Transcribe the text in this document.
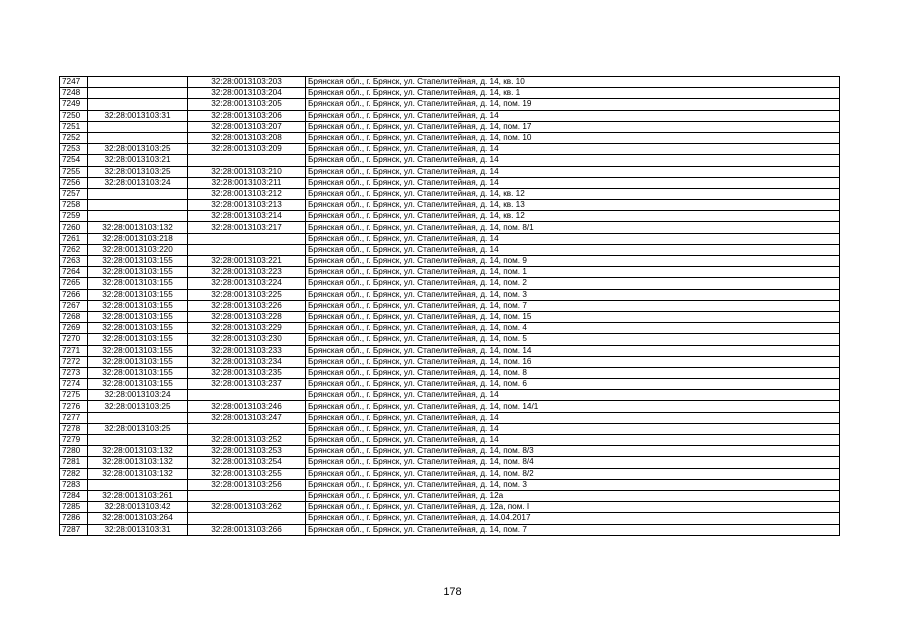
7247		32:28:0013103:203	Брянская обл., г. Брянск, ул. Стапелитейная, д. 14, кв. 10
7248		32:28:0013103:204	Брянская обл., г. Брянск, ул. Стапелитейная, д. 14, кв. 1
7249		32:28:0013103:205	Брянская обл., г. Брянск, ул. Стапелитейная, д. 14, пом. 19
7250	32:28:0013103:31	32:28:0013103:206	Брянская обл., г. Брянск, ул. Стапелитейная, д. 14
7251		32:28:0013103:207	Брянская обл., г. Брянск, ул. Стапелитейная, д. 14, пом. 17
7252		32:28:0013103:208	Брянская обл., г. Брянск, ул. Стапелитейная, д. 14, пом. 10
7253	32:28:0013103:25	32:28:0013103:209	Брянская обл., г. Брянск, ул. Стапелитейная, д. 14
7254	32:28:0013103:21		Брянская обл., г. Брянск, ул. Стапелитейная, д. 14
7255	32:28:0013103:25	32:28:0013103:210	Брянская обл., г. Брянск, ул. Стапелитейная, д. 14
7256	32:28:0013103:24	32:28:0013103:211	Брянская обл., г. Брянск, ул. Стапелитейная, д. 14
7257		32:28:0013103:212	Брянская обл., г. Брянск, ул. Стапелитейная, д. 14, кв. 12
7258		32:28:0013103:213	Брянская обл., г. Брянск, ул. Стапелитейная, д. 14, кв. 13
7259		32:28:0013103:214	Брянская обл., г. Брянск, ул. Стапелитейная, д. 14, кв. 12
7260	32:28:0013103:132	32:28:0013103:217	Брянская обл., г. Брянск, ул. Стапелитейная, д. 14, пом. 8/1
7261	32:28:0013103:218		Брянская обл., г. Брянск, ул. Стапелитейная, д. 14
7262	32:28:0013103:220		Брянская обл., г. Брянск, ул. Стапелитейная, д. 14
7263	32:28:0013103:155	32:28:0013103:221	Брянская обл., г. Брянск, ул. Стапелитейная, д. 14, пом. 9
7264	32:28:0013103:155	32:28:0013103:223	Брянская обл., г. Брянск, ул. Стапелитейная, д. 14, пом. 1
7265	32:28:0013103:155	32:28:0013103:224	Брянская обл., г. Брянск, ул. Стапелитейная, д. 14, пом. 2
7266	32:28:0013103:155	32:28:0013103:225	Брянская обл., г. Брянск, ул. Стапелитейная, д. 14, пом. 3
7267	32:28:0013103:155	32:28:0013103:226	Брянская обл., г. Брянск, ул. Стапелитейная, д. 14, пом. 7
7268	32:28:0013103:155	32:28:0013103:228	Брянская обл., г. Брянск, ул. Стапелитейная, д. 14, пом. 15
7269	32:28:0013103:155	32:28:0013103:229	Брянская обл., г. Брянск, ул. Стапелитейная, д. 14, пом. 4
7270	32:28:0013103:155	32:28:0013103:230	Брянская обл., г. Брянск, ул. Стапелитейная, д. 14, пом. 5
7271	32:28:0013103:155	32:28:0013103:233	Брянская обл., г. Брянск, ул. Стапелитейная, д. 14, пом. 14
7272	32:28:0013103:155	32:28:0013103:234	Брянская обл., г. Брянск, ул. Стапелитейная, д. 14, пом. 16
7273	32:28:0013103:155	32:28:0013103:235	Брянская обл., г. Брянск, ул. Стапелитейная, д. 14, пом. 8
7274	32:28:0013103:155	32:28:0013103:237	Брянская обл., г. Брянск, ул. Стапелитейная, д. 14, пом. 6
7275	32:28:0013103:24		Брянская обл., г. Брянск, ул. Стапелитейная, д. 14
7276	32:28:0013103:25	32:28:0013103:246	Брянская обл., г. Брянск, ул. Стапелитейная, д. 14, пом. 14/1
7277		32:28:0013103:247	Брянская обл., г. Брянск, ул. Стапелитейная, д. 14
7278	32:28:0013103:25		Брянская обл., г. Брянск, ул. Стапелитейная, д. 14
7279		32:28:0013103:252	Брянская обл., г. Брянск, ул. Стапелитейная, д. 14
7280	32:28:0013103:132	32:28:0013103:253	Брянская обл., г. Брянск, ул. Стапелитейная, д. 14, пом. 8/3
7281	32:28:0013103:132	32:28:0013103:254	Брянская обл., г. Брянск, ул. Стапелитейная, д. 14, пом. 8/4
7282	32:28:0013103:132	32:28:0013103:255	Брянская обл., г. Брянск, ул. Стапелитейная, д. 14, пом. 8/2
7283		32:28:0013103:256	Брянская обл., г. Брянск, ул. Стапелитейная, д. 14, пом. 3
7284	32:28:0013103:261		Брянская обл., г. Брянск, ул. Стапелитейная, д. 12а
7285	32:28:0013103:42	32:28:0013103:262	Брянская обл., г. Брянск, ул. Стапелитейная, д. 12а, пом. I
7286	32:28:0013103:264		Брянская обл., г. Брянск, ул. Стапелитейная, д. 14.04.2017
7287	32:28:0013103:31	32:28:0013103:266	Брянская обл., г. Брянск, ул. Стапелитейная, д. 14, пом. 7
178
